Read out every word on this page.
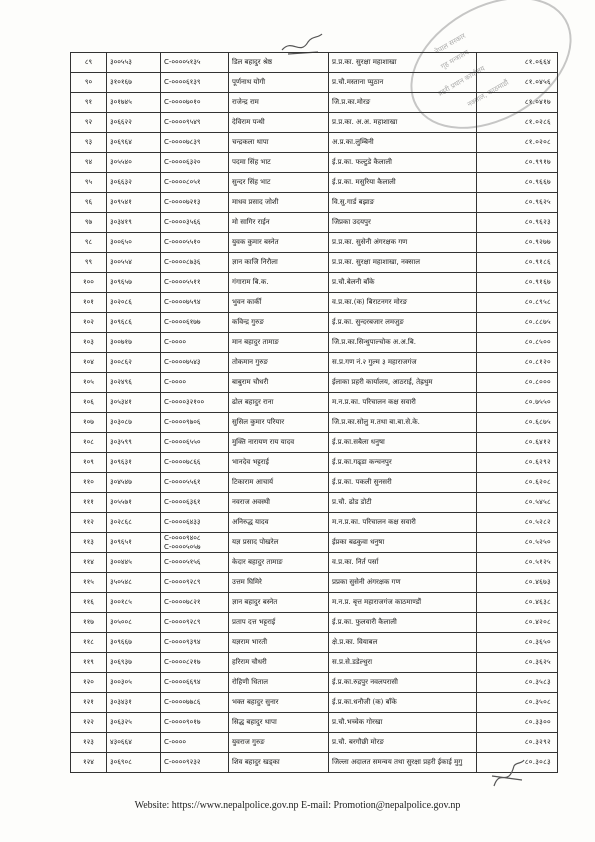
नेपाल सरकार
गृह मन्त्रालय
प्रहरी प्रधान कार्यालय
नक्साल, काठमाडौं
८९	३००५५३	C-००००५१३५	डिल बहादुर श्रेष्ठ	प्र.प्र.का. सुरक्षा महाशाखा	८१.०६६४
९०	३१०१६७	C-००००६१३९	पूर्णनाथ योगी	प्र.चौ.मस्ताना प्युठान	८१.०४५६
९१	३०१७४५	C-००००७०१०	राजेन्द्र राम	जि.प्र.का.मोरङ	८१.०४१७
९२	३०६६२२	C-००००९५४९	देविराम पन्थी	प्र.प्र.का. अ.अ. महाशाखा	८१.०२८६
९३	३०६९६४	C-००००७८३९	चन्द्रकला थापा	अ.प्र.का.लुम्बिनी	८१.०२०८
९४	३०५५४०	C-००००६३२०	पदमा सिंह भाट	ई.प्र.का. फल्टुडे कैलाली	८०.९९१७
९५	३०६६३२	C-००००८०५१	सुन्दर सिंह भाट	ई.प्र.का. मसुरिया कैलाली	८०.९६६७
९६	३०९५४१	C-००००७२१३	माधव प्रसाद जोशी	वि.सु.गार्ड बझाङ	८०.९६२५
९७	३०३४१९	C-००००३५६६	मो सागिर राईन	जिप्रका उदयपुर	८०.९६२३
९८	३००६५०	C-००००५५१०	युवक कुमार बस्नेत	प्र.प्र.का. सुसेनी अंगरक्षक गण	८०.९२७७
९९	३००५५४	C-००००८७३६	ज्ञान काजि निरौला	प्र.प्र.का. सुरक्षा महाशाखा, नक्साल	८०.९१८६
१००	३०९६५७	C-००००५५११	गंगाराम बि.क.	प्र.चौ.बेलनी बाँके	८०.९१६७
१०१	३०२०८६	C-००००७५९४	भुवन कार्की	व.प्र.का.(क) बिराटनगर मोरङ	८०.८९५८
१०२	३०९६८६	C-००००६१७७	कविन्द्र गुरुङ	ई.प्र.का. सुन्दरबजार लमजुङ	८०.८८७५
१०३	३००७१७	C-००००	मान बहादुर तामाङ	जि.प्र.का.सिन्धुपाल्चोक अ.अ.बि.	८०.८५००
१०४	३००८६२	C-००००७५४३	तोकमान गुरुङ	स.प्र.गण नं.२ गुल्म ३ महाराजगंज	८०.८१२०
१०५	३०२४९६	C-००००	बाबुराम चौधरी	ईलाका प्रहरी कार्यालय, आठराई, तेह्रथुम	८०.८०००
१०६	३०५३४१	C-००००३२१००	ढोल बहादुर राना	म.न.प्र.का. परिचालन कक्ष सवारी	८०.७५५०
१०७	३०३०८७	C-००००९७०६	सुसिल कुमार परियार	जि.प्र.का.सोलु म.तथा बा.बा.से.के.	८०.६८७५
१०८	३०३५९९	C-००००६५५०	मुक्ति नारायण राय यादव	ई.प्र.का.सबैला धनुषा	८०.६४१२
१०९	३०९६३१	C-००००७८६६	भानदेव भट्टराई	ई.प्र.का.गढ्डा कन्चनपुर	८०.६२९२
११०	३०४५४७	C-००००५५६१	टिकाराम आचार्य	ई.प्र.का. पकली सुनसरी	८०.६२०८
१११	३०५५७१	C-००००६३६१	नवराज अवस्थी	प्र.चौ. ढोड डोटी	८०.५४५८
११२	३०२८६८	C-००००६४३३	अनिरुद्ध यादव	म.न.प्र.का. परिचालन कक्ष सवारी	८०.५२८२
११३	३०९६५१	C-००००९४०८ C-००००५०५७	यज्ञ प्रसाद पोखरेल	ईप्रका बढकुवा धनुषा	८०.५२५०
११४	३००४४५	C-००००५१५६	केदार बहादुर तामाङ	व.प्र.का. निर्त पर्सा	८०.५१२५
११५	३५०५४८	C-००००९२८९	उत्तम घिमिरे	प्रप्रका सुसेनी अंगरक्षक गण	८०.४६७३
११६	३००१८५	C-००००७८२१	ज्ञान बहादुर बस्नेत	म.न.प्र. बृत्त महाराजगंज काठमाण्डौं	८०.४६३८
११७	३०५००८	C-००००९२८९	प्रताप दत्त भट्टराई	ई.प्र.का. फुलवारी कैलाली	८०.४२०८
११८	३०९६६७	C-००००९३९४	यज्ञराम भारती	क्षे.प्र.का. वियाबल	८०.३६५०
११९	३०६९३७	C-००००८२१७	हरिराम चौधरी	स.प्र.से.डडेल्धुरा	८०.३६२५
१२०	३००३०५	C-००००६६९४	रोहिणी धिताल	ई.प्र.का.रुद्रपुर नवलपरासी	८०.३५८३
१२१	३०३४३१	C-००००७७८६	भक्त बहादुर सुनार	ई.प्र.का.धनौजी (क) बाँके	८०.३५०८
१२२	३०६३२५	C-००००९०१७	सिद्ध बहादुर थापा	प्र.चौ.भच्चेक गोरखा	८०.३३००
१२३	४३०६६४	C-००००	युवराज गुरुङ	प्र.चौ. बरगौछी मोरङ	८०.३२९२
१२४	३०६९०८	C-००००९२३२	शिव बहादुर खड्का	जिल्ला अदालत समन्वय तथा सुरक्षा प्रहरी ईकाई मुगु	८०.३०८३
Website: https://www.nepalpolice.gov.np E-mail: Promotion@nepalpolice.gov.np
